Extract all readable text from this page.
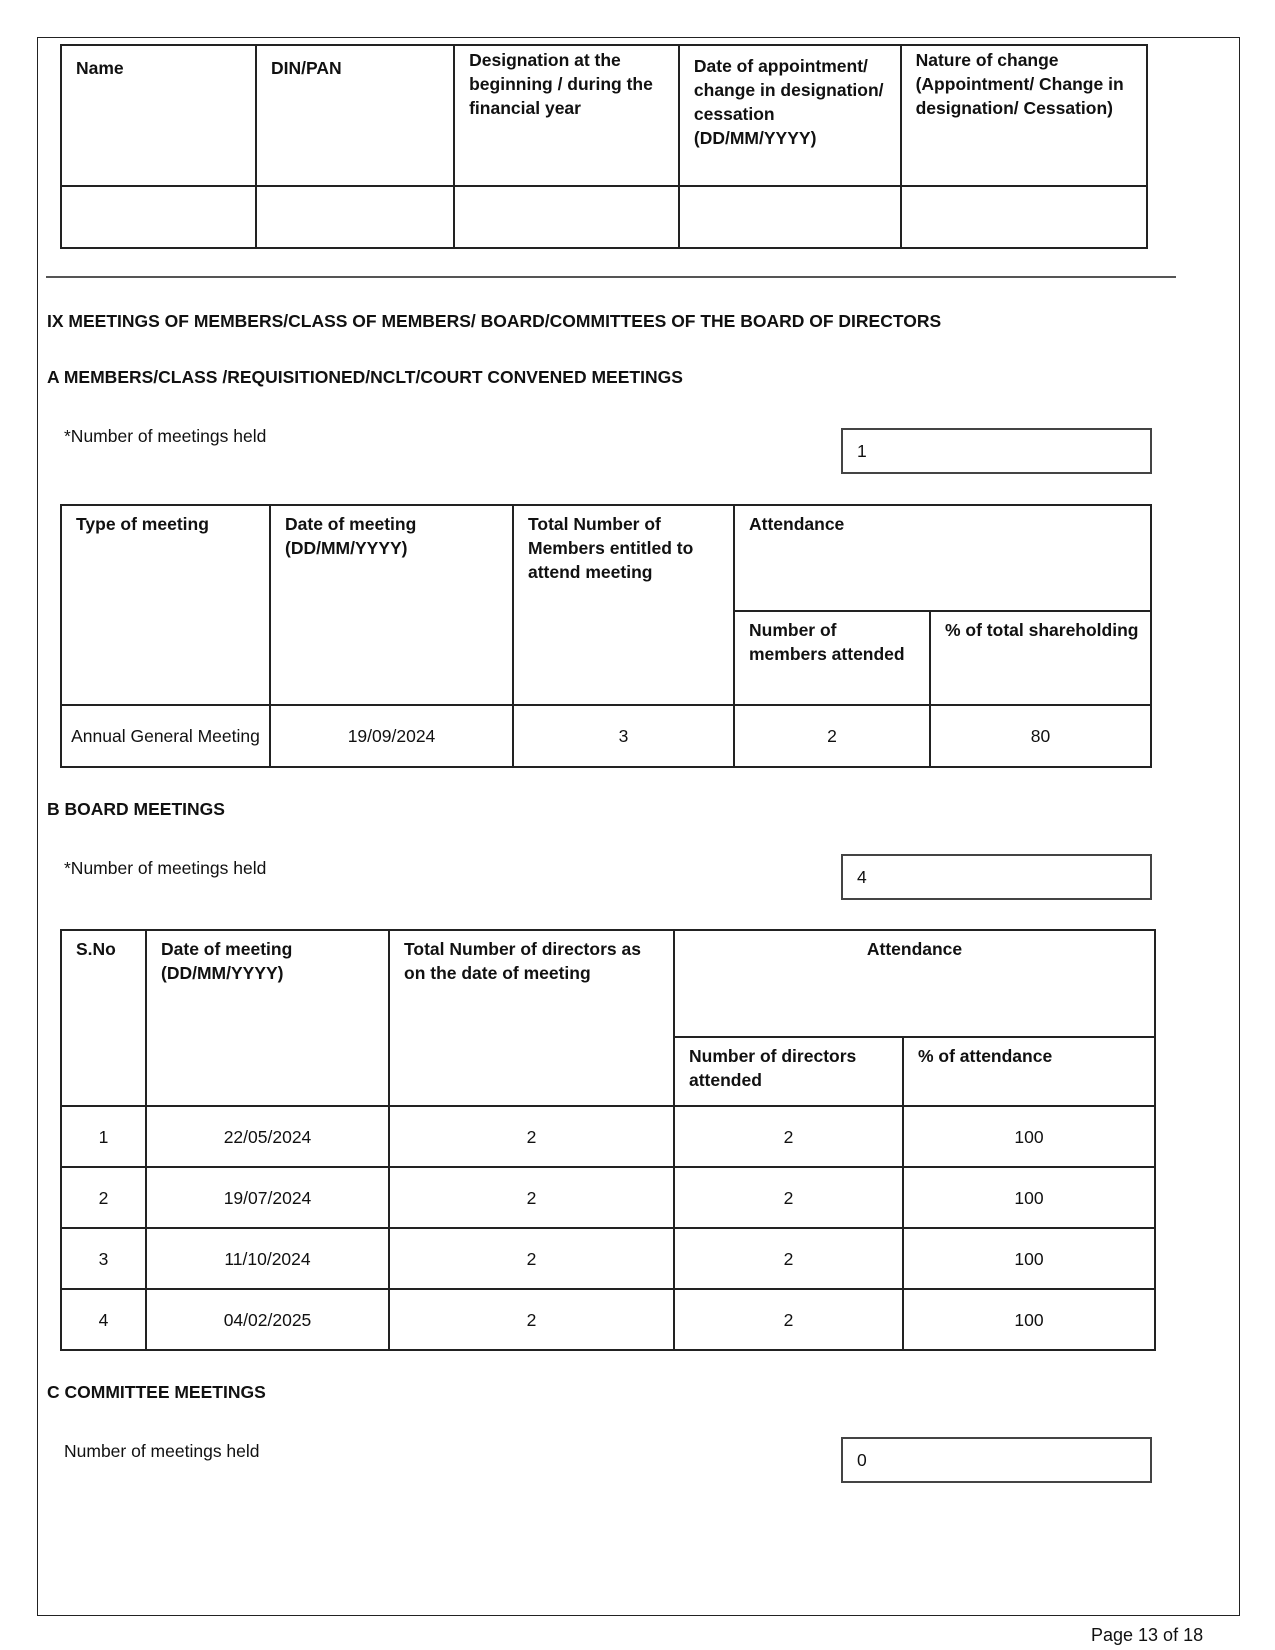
Name	DIN/PAN	Designation at the beginning / during the financial year	Date of appointment/ change in designation/ cessation (DD/MM/YYYY)	Nature of change (Appointment/ Change in designation/ Cessation)

IX MEETINGS OF MEMBERS/CLASS OF MEMBERS/ BOARD/COMMITTEES OF THE BOARD OF DIRECTORS
A MEMBERS/CLASS /REQUISITIONED/NCLT/COURT CONVENED MEETINGS
*Number of meetings held
1
Type of meeting	Date of meeting (DD/MM/YYYY)	Total Number of Members entitled to attend meeting	Attendance	
			Number of members attended	% of total shareholding
Annual General Meeting	19/09/2024	3	2	80
B BOARD MEETINGS
*Number of meetings held	4
S.No	Date of meeting (DD/MM/YYYY)	Total Number of directors as on the date of meeting	Attendance	
			Number of directors attended	% of attendance
1	22/05/2024	2	2	100
2	19/07/2024	2	2	100
3	11/10/2024	2	2	100
4	04/02/2025	2	2	100
C COMMITTEE MEETINGS
Number of meetings held	0
Page 13 of 18
